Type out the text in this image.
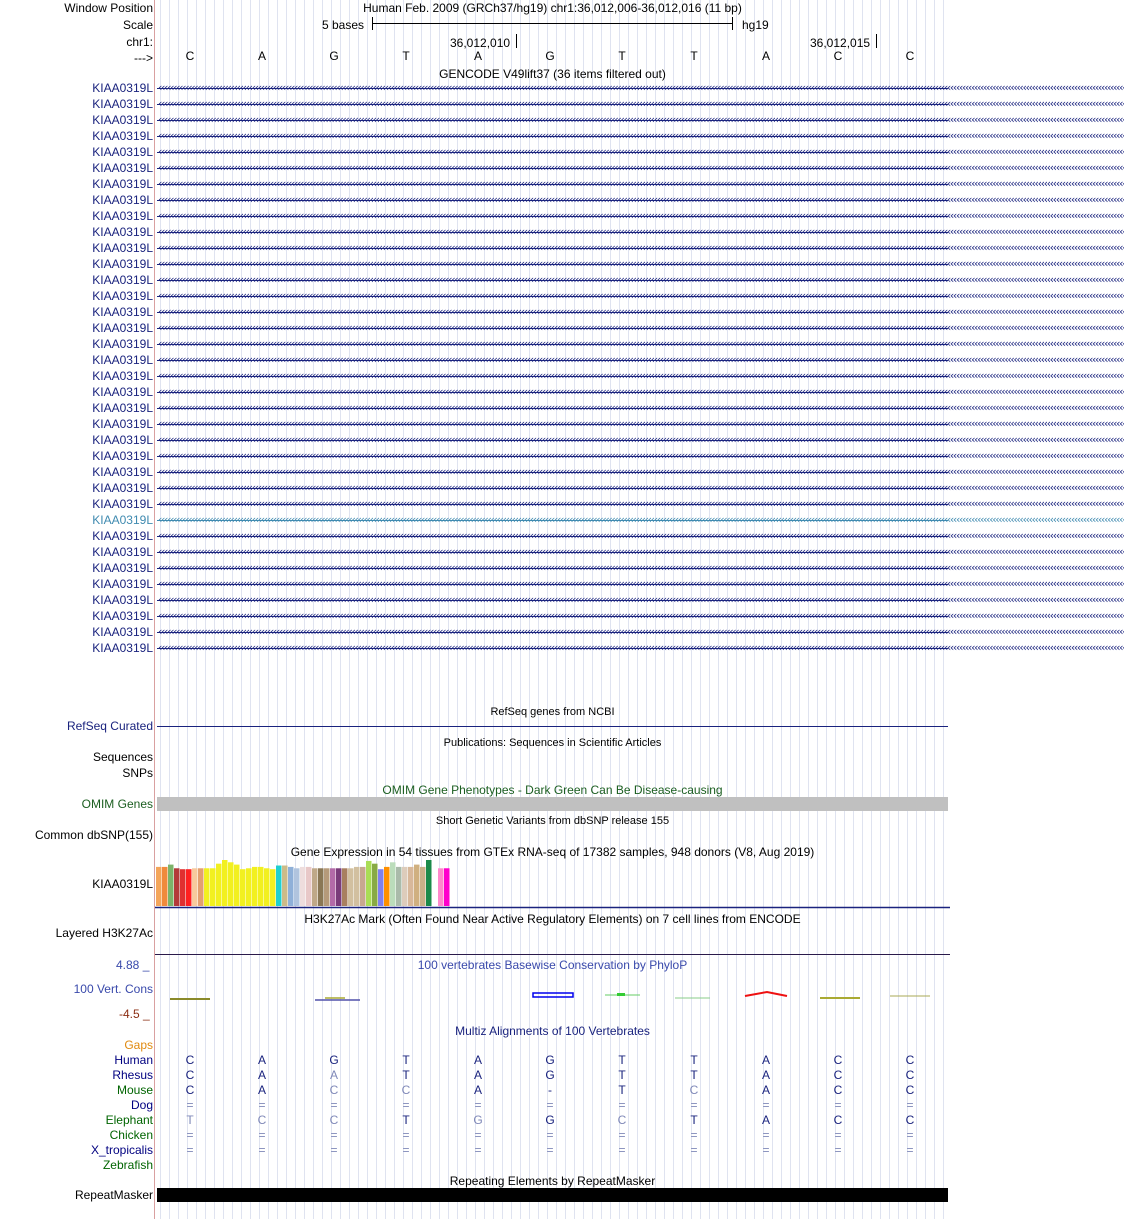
Window Position	Human Feb. 2009 (GRCh37/hg19) chr1:36,012,006-36,012,016 (11 bp)
Scale	5 bases	hg19
chr1:	36,012,010	36,012,015
--->	C	A	G	T	A	G	T	T	A	C	C
GENCODE V49lift37 (36 items filtered out)
KIAA0319L ‹‹‹‹‹‹‹‹‹‹‹‹‹‹‹‹‹‹‹‹‹‹‹‹‹‹‹‹‹‹‹‹‹‹‹‹‹‹‹‹‹‹‹‹‹‹‹‹‹‹‹‹‹‹‹‹‹‹‹‹‹‹‹‹‹‹‹‹‹‹‹‹‹‹‹‹‹‹‹‹‹‹‹‹‹‹‹‹‹‹‹‹‹‹‹‹‹‹‹‹‹‹‹‹‹‹‹‹‹‹‹‹‹‹‹‹‹‹‹‹‹‹‹‹‹‹‹‹‹‹‹‹‹‹‹‹‹‹‹‹‹‹‹‹‹‹‹‹‹‹‹‹‹‹‹‹‹‹‹‹‹‹‹‹‹‹‹‹‹‹‹‹‹‹‹‹‹‹‹‹‹‹‹‹‹‹‹‹‹‹‹‹‹‹‹‹‹‹‹‹‹‹‹‹‹‹‹‹‹‹‹‹‹‹‹‹‹‹‹‹‹‹‹‹‹‹‹‹‹‹‹‹‹‹‹‹‹‹‹‹‹‹‹‹‹‹‹‹‹‹‹‹‹‹‹‹‹‹‹‹‹‹‹‹‹‹‹‹‹‹‹‹‹‹‹‹‹‹‹‹‹‹‹‹‹‹‹‹‹‹‹‹‹‹‹‹‹‹‹‹‹‹‹‹‹‹‹‹‹‹‹‹‹‹‹‹‹‹‹‹
KIAA0319L ‹‹‹‹‹‹‹‹‹‹‹‹‹‹‹‹‹‹‹‹‹‹‹‹‹‹‹‹‹‹‹‹‹‹‹‹‹‹‹‹‹‹‹‹‹‹‹‹‹‹‹‹‹‹‹‹‹‹‹‹‹‹‹‹‹‹‹‹‹‹‹‹‹‹‹‹‹‹‹‹‹‹‹‹‹‹‹‹‹‹‹‹‹‹‹‹‹‹‹‹‹‹‹‹‹‹‹‹‹‹‹‹‹‹‹‹‹‹‹‹‹‹‹‹‹‹‹‹‹‹‹‹‹‹‹‹‹‹‹‹‹‹‹‹‹‹‹‹‹‹‹‹‹‹‹‹‹‹‹‹‹‹‹‹‹‹‹‹‹‹‹‹‹‹‹‹‹‹‹‹‹‹‹‹‹‹‹‹‹‹‹‹‹‹‹‹‹‹‹‹‹‹‹‹‹‹‹‹‹‹‹‹‹‹‹‹‹‹‹‹‹‹‹‹‹‹‹‹‹‹‹‹‹‹‹‹‹‹‹‹‹‹‹‹‹‹‹‹‹‹‹‹‹‹‹‹‹‹‹‹‹‹‹‹‹‹‹‹‹‹‹‹‹‹‹‹‹‹‹‹‹‹‹‹‹‹‹‹‹‹‹‹‹‹‹‹‹‹‹‹‹‹‹‹‹‹‹‹‹‹‹‹‹‹‹‹‹‹‹‹
KIAA0319L ‹‹‹‹‹‹‹‹‹‹‹‹‹‹‹‹‹‹‹‹‹‹‹‹‹‹‹‹‹‹‹‹‹‹‹‹‹‹‹‹‹‹‹‹‹‹‹‹‹‹‹‹‹‹‹‹‹‹‹‹‹‹‹‹‹‹‹‹‹‹‹‹‹‹‹‹‹‹‹‹‹‹‹‹‹‹‹‹‹‹‹‹‹‹‹‹‹‹‹‹‹‹‹‹‹‹‹‹‹‹‹‹‹‹‹‹‹‹‹‹‹‹‹‹‹‹‹‹‹‹‹‹‹‹‹‹‹‹‹‹‹‹‹‹‹‹‹‹‹‹‹‹‹‹‹‹‹‹‹‹‹‹‹‹‹‹‹‹‹‹‹‹‹‹‹‹‹‹‹‹‹‹‹‹‹‹‹‹‹‹‹‹‹‹‹‹‹‹‹‹‹‹‹‹‹‹‹‹‹‹‹‹‹‹‹‹‹‹‹‹‹‹‹‹‹‹‹‹‹‹‹‹‹‹‹‹‹‹‹‹‹‹‹‹‹‹‹‹‹‹‹‹‹‹‹‹‹‹‹‹‹‹‹‹‹‹‹‹‹‹‹‹‹‹‹‹‹‹‹‹‹‹‹‹‹‹‹‹‹‹‹‹‹‹‹‹‹‹‹‹‹‹‹‹‹‹‹‹‹‹‹‹‹‹‹‹‹‹‹‹
KIAA0319L ‹‹‹‹‹‹‹‹‹‹‹‹‹‹‹‹‹‹‹‹‹‹‹‹‹‹‹‹‹‹‹‹‹‹‹‹‹‹‹‹‹‹‹‹‹‹‹‹‹‹‹‹‹‹‹‹‹‹‹‹‹‹‹‹‹‹‹‹‹‹‹‹‹‹‹‹‹‹‹‹‹‹‹‹‹‹‹‹‹‹‹‹‹‹‹‹‹‹‹‹‹‹‹‹‹‹‹‹‹‹‹‹‹‹‹‹‹‹‹‹‹‹‹‹‹‹‹‹‹‹‹‹‹‹‹‹‹‹‹‹‹‹‹‹‹‹‹‹‹‹‹‹‹‹‹‹‹‹‹‹‹‹‹‹‹‹‹‹‹‹‹‹‹‹‹‹‹‹‹‹‹‹‹‹‹‹‹‹‹‹‹‹‹‹‹‹‹‹‹‹‹‹‹‹‹‹‹‹‹‹‹‹‹‹‹‹‹‹‹‹‹‹‹‹‹‹‹‹‹‹‹‹‹‹‹‹‹‹‹‹‹‹‹‹‹‹‹‹‹‹‹‹‹‹‹‹‹‹‹‹‹‹‹‹‹‹‹‹‹‹‹‹‹‹‹‹‹‹‹‹‹‹‹‹‹‹‹‹‹‹‹‹‹‹‹‹‹‹‹‹‹‹‹‹‹‹‹‹‹‹‹‹‹‹‹‹‹‹‹‹
KIAA0319L ‹‹‹‹‹‹‹‹‹‹‹‹‹‹‹‹‹‹‹‹‹‹‹‹‹‹‹‹‹‹‹‹‹‹‹‹‹‹‹‹‹‹‹‹‹‹‹‹‹‹‹‹‹‹‹‹‹‹‹‹‹‹‹‹‹‹‹‹‹‹‹‹‹‹‹‹‹‹‹‹‹‹‹‹‹‹‹‹‹‹‹‹‹‹‹‹‹‹‹‹‹‹‹‹‹‹‹‹‹‹‹‹‹‹‹‹‹‹‹‹‹‹‹‹‹‹‹‹‹‹‹‹‹‹‹‹‹‹‹‹‹‹‹‹‹‹‹‹‹‹‹‹‹‹‹‹‹‹‹‹‹‹‹‹‹‹‹‹‹‹‹‹‹‹‹‹‹‹‹‹‹‹‹‹‹‹‹‹‹‹‹‹‹‹‹‹‹‹‹‹‹‹‹‹‹‹‹‹‹‹‹‹‹‹‹‹‹‹‹‹‹‹‹‹‹‹‹‹‹‹‹‹‹‹‹‹‹‹‹‹‹‹‹‹‹‹‹‹‹‹‹‹‹‹‹‹‹‹‹‹‹‹‹‹‹‹‹‹‹‹‹‹‹‹‹‹‹‹‹‹‹‹‹‹‹‹‹‹‹‹‹‹‹‹‹‹‹‹‹‹‹‹‹‹‹‹‹‹‹‹‹‹‹‹‹‹‹‹‹‹
KIAA0319L ‹‹‹‹‹‹‹‹‹‹‹‹‹‹‹‹‹‹‹‹‹‹‹‹‹‹‹‹‹‹‹‹‹‹‹‹‹‹‹‹‹‹‹‹‹‹‹‹‹‹‹‹‹‹‹‹‹‹‹‹‹‹‹‹‹‹‹‹‹‹‹‹‹‹‹‹‹‹‹‹‹‹‹‹‹‹‹‹‹‹‹‹‹‹‹‹‹‹‹‹‹‹‹‹‹‹‹‹‹‹‹‹‹‹‹‹‹‹‹‹‹‹‹‹‹‹‹‹‹‹‹‹‹‹‹‹‹‹‹‹‹‹‹‹‹‹‹‹‹‹‹‹‹‹‹‹‹‹‹‹‹‹‹‹‹‹‹‹‹‹‹‹‹‹‹‹‹‹‹‹‹‹‹‹‹‹‹‹‹‹‹‹‹‹‹‹‹‹‹‹‹‹‹‹‹‹‹‹‹‹‹‹‹‹‹‹‹‹‹‹‹‹‹‹‹‹‹‹‹‹‹‹‹‹‹‹‹‹‹‹‹‹‹‹‹‹‹‹‹‹‹‹‹‹‹‹‹‹‹‹‹‹‹‹‹‹‹‹‹‹‹‹‹‹‹‹‹‹‹‹‹‹‹‹‹‹‹‹‹‹‹‹‹‹‹‹‹‹‹‹‹‹‹‹‹‹‹‹‹‹‹‹‹‹‹‹‹‹‹‹
KIAA0319L ‹‹‹‹‹‹‹‹‹‹‹‹‹‹‹‹‹‹‹‹‹‹‹‹‹‹‹‹‹‹‹‹‹‹‹‹‹‹‹‹‹‹‹‹‹‹‹‹‹‹‹‹‹‹‹‹‹‹‹‹‹‹‹‹‹‹‹‹‹‹‹‹‹‹‹‹‹‹‹‹‹‹‹‹‹‹‹‹‹‹‹‹‹‹‹‹‹‹‹‹‹‹‹‹‹‹‹‹‹‹‹‹‹‹‹‹‹‹‹‹‹‹‹‹‹‹‹‹‹‹‹‹‹‹‹‹‹‹‹‹‹‹‹‹‹‹‹‹‹‹‹‹‹‹‹‹‹‹‹‹‹‹‹‹‹‹‹‹‹‹‹‹‹‹‹‹‹‹‹‹‹‹‹‹‹‹‹‹‹‹‹‹‹‹‹‹‹‹‹‹‹‹‹‹‹‹‹‹‹‹‹‹‹‹‹‹‹‹‹‹‹‹‹‹‹‹‹‹‹‹‹‹‹‹‹‹‹‹‹‹‹‹‹‹‹‹‹‹‹‹‹‹‹‹‹‹‹‹‹‹‹‹‹‹‹‹‹‹‹‹‹‹‹‹‹‹‹‹‹‹‹‹‹‹‹‹‹‹‹‹‹‹‹‹‹‹‹‹‹‹‹‹‹‹‹‹‹‹‹‹‹‹‹‹‹‹‹‹‹‹
KIAA0319L ‹‹‹‹‹‹‹‹‹‹‹‹‹‹‹‹‹‹‹‹‹‹‹‹‹‹‹‹‹‹‹‹‹‹‹‹‹‹‹‹‹‹‹‹‹‹‹‹‹‹‹‹‹‹‹‹‹‹‹‹‹‹‹‹‹‹‹‹‹‹‹‹‹‹‹‹‹‹‹‹‹‹‹‹‹‹‹‹‹‹‹‹‹‹‹‹‹‹‹‹‹‹‹‹‹‹‹‹‹‹‹‹‹‹‹‹‹‹‹‹‹‹‹‹‹‹‹‹‹‹‹‹‹‹‹‹‹‹‹‹‹‹‹‹‹‹‹‹‹‹‹‹‹‹‹‹‹‹‹‹‹‹‹‹‹‹‹‹‹‹‹‹‹‹‹‹‹‹‹‹‹‹‹‹‹‹‹‹‹‹‹‹‹‹‹‹‹‹‹‹‹‹‹‹‹‹‹‹‹‹‹‹‹‹‹‹‹‹‹‹‹‹‹‹‹‹‹‹‹‹‹‹‹‹‹‹‹‹‹‹‹‹‹‹‹‹‹‹‹‹‹‹‹‹‹‹‹‹‹‹‹‹‹‹‹‹‹‹‹‹‹‹‹‹‹‹‹‹‹‹‹‹‹‹‹‹‹‹‹‹‹‹‹‹‹‹‹‹‹‹‹‹‹‹‹‹‹‹‹‹‹‹‹‹‹‹‹‹‹‹
KIAA0319L ‹‹‹‹‹‹‹‹‹‹‹‹‹‹‹‹‹‹‹‹‹‹‹‹‹‹‹‹‹‹‹‹‹‹‹‹‹‹‹‹‹‹‹‹‹‹‹‹‹‹‹‹‹‹‹‹‹‹‹‹‹‹‹‹‹‹‹‹‹‹‹‹‹‹‹‹‹‹‹‹‹‹‹‹‹‹‹‹‹‹‹‹‹‹‹‹‹‹‹‹‹‹‹‹‹‹‹‹‹‹‹‹‹‹‹‹‹‹‹‹‹‹‹‹‹‹‹‹‹‹‹‹‹‹‹‹‹‹‹‹‹‹‹‹‹‹‹‹‹‹‹‹‹‹‹‹‹‹‹‹‹‹‹‹‹‹‹‹‹‹‹‹‹‹‹‹‹‹‹‹‹‹‹‹‹‹‹‹‹‹‹‹‹‹‹‹‹‹‹‹‹‹‹‹‹‹‹‹‹‹‹‹‹‹‹‹‹‹‹‹‹‹‹‹‹‹‹‹‹‹‹‹‹‹‹‹‹‹‹‹‹‹‹‹‹‹‹‹‹‹‹‹‹‹‹‹‹‹‹‹‹‹‹‹‹‹‹‹‹‹‹‹‹‹‹‹‹‹‹‹‹‹‹‹‹‹‹‹‹‹‹‹‹‹‹‹‹‹‹‹‹‹‹‹‹‹‹‹‹‹‹‹‹‹‹‹‹‹‹‹
KIAA0319L ‹‹‹‹‹‹‹‹‹‹‹‹‹‹‹‹‹‹‹‹‹‹‹‹‹‹‹‹‹‹‹‹‹‹‹‹‹‹‹‹‹‹‹‹‹‹‹‹‹‹‹‹‹‹‹‹‹‹‹‹‹‹‹‹‹‹‹‹‹‹‹‹‹‹‹‹‹‹‹‹‹‹‹‹‹‹‹‹‹‹‹‹‹‹‹‹‹‹‹‹‹‹‹‹‹‹‹‹‹‹‹‹‹‹‹‹‹‹‹‹‹‹‹‹‹‹‹‹‹‹‹‹‹‹‹‹‹‹‹‹‹‹‹‹‹‹‹‹‹‹‹‹‹‹‹‹‹‹‹‹‹‹‹‹‹‹‹‹‹‹‹‹‹‹‹‹‹‹‹‹‹‹‹‹‹‹‹‹‹‹‹‹‹‹‹‹‹‹‹‹‹‹‹‹‹‹‹‹‹‹‹‹‹‹‹‹‹‹‹‹‹‹‹‹‹‹‹‹‹‹‹‹‹‹‹‹‹‹‹‹‹‹‹‹‹‹‹‹‹‹‹‹‹‹‹‹‹‹‹‹‹‹‹‹‹‹‹‹‹‹‹‹‹‹‹‹‹‹‹‹‹‹‹‹‹‹‹‹‹‹‹‹‹‹‹‹‹‹‹‹‹‹‹‹‹‹‹‹‹‹‹‹‹‹‹‹‹‹‹‹
KIAA0319L ‹‹‹‹‹‹‹‹‹‹‹‹‹‹‹‹‹‹‹‹‹‹‹‹‹‹‹‹‹‹‹‹‹‹‹‹‹‹‹‹‹‹‹‹‹‹‹‹‹‹‹‹‹‹‹‹‹‹‹‹‹‹‹‹‹‹‹‹‹‹‹‹‹‹‹‹‹‹‹‹‹‹‹‹‹‹‹‹‹‹‹‹‹‹‹‹‹‹‹‹‹‹‹‹‹‹‹‹‹‹‹‹‹‹‹‹‹‹‹‹‹‹‹‹‹‹‹‹‹‹‹‹‹‹‹‹‹‹‹‹‹‹‹‹‹‹‹‹‹‹‹‹‹‹‹‹‹‹‹‹‹‹‹‹‹‹‹‹‹‹‹‹‹‹‹‹‹‹‹‹‹‹‹‹‹‹‹‹‹‹‹‹‹‹‹‹‹‹‹‹‹‹‹‹‹‹‹‹‹‹‹‹‹‹‹‹‹‹‹‹‹‹‹‹‹‹‹‹‹‹‹‹‹‹‹‹‹‹‹‹‹‹‹‹‹‹‹‹‹‹‹‹‹‹‹‹‹‹‹‹‹‹‹‹‹‹‹‹‹‹‹‹‹‹‹‹‹‹‹‹‹‹‹‹‹‹‹‹‹‹‹‹‹‹‹‹‹‹‹‹‹‹‹‹‹‹‹‹‹‹‹‹‹‹‹‹‹‹‹‹
KIAA0319L ‹‹‹‹‹‹‹‹‹‹‹‹‹‹‹‹‹‹‹‹‹‹‹‹‹‹‹‹‹‹‹‹‹‹‹‹‹‹‹‹‹‹‹‹‹‹‹‹‹‹‹‹‹‹‹‹‹‹‹‹‹‹‹‹‹‹‹‹‹‹‹‹‹‹‹‹‹‹‹‹‹‹‹‹‹‹‹‹‹‹‹‹‹‹‹‹‹‹‹‹‹‹‹‹‹‹‹‹‹‹‹‹‹‹‹‹‹‹‹‹‹‹‹‹‹‹‹‹‹‹‹‹‹‹‹‹‹‹‹‹‹‹‹‹‹‹‹‹‹‹‹‹‹‹‹‹‹‹‹‹‹‹‹‹‹‹‹‹‹‹‹‹‹‹‹‹‹‹‹‹‹‹‹‹‹‹‹‹‹‹‹‹‹‹‹‹‹‹‹‹‹‹‹‹‹‹‹‹‹‹‹‹‹‹‹‹‹‹‹‹‹‹‹‹‹‹‹‹‹‹‹‹‹‹‹‹‹‹‹‹‹‹‹‹‹‹‹‹‹‹‹‹‹‹‹‹‹‹‹‹‹‹‹‹‹‹‹‹‹‹‹‹‹‹‹‹‹‹‹‹‹‹‹‹‹‹‹‹‹‹‹‹‹‹‹‹‹‹‹‹‹‹‹‹‹‹‹‹‹‹‹‹‹‹‹‹‹‹‹‹
KIAA0319L ‹‹‹‹‹‹‹‹‹‹‹‹‹‹‹‹‹‹‹‹‹‹‹‹‹‹‹‹‹‹‹‹‹‹‹‹‹‹‹‹‹‹‹‹‹‹‹‹‹‹‹‹‹‹‹‹‹‹‹‹‹‹‹‹‹‹‹‹‹‹‹‹‹‹‹‹‹‹‹‹‹‹‹‹‹‹‹‹‹‹‹‹‹‹‹‹‹‹‹‹‹‹‹‹‹‹‹‹‹‹‹‹‹‹‹‹‹‹‹‹‹‹‹‹‹‹‹‹‹‹‹‹‹‹‹‹‹‹‹‹‹‹‹‹‹‹‹‹‹‹‹‹‹‹‹‹‹‹‹‹‹‹‹‹‹‹‹‹‹‹‹‹‹‹‹‹‹‹‹‹‹‹‹‹‹‹‹‹‹‹‹‹‹‹‹‹‹‹‹‹‹‹‹‹‹‹‹‹‹‹‹‹‹‹‹‹‹‹‹‹‹‹‹‹‹‹‹‹‹‹‹‹‹‹‹‹‹‹‹‹‹‹‹‹‹‹‹‹‹‹‹‹‹‹‹‹‹‹‹‹‹‹‹‹‹‹‹‹‹‹‹‹‹‹‹‹‹‹‹‹‹‹‹‹‹‹‹‹‹‹‹‹‹‹‹‹‹‹‹‹‹‹‹‹‹‹‹‹‹‹‹‹‹‹‹‹‹‹‹‹
KIAA0319L ‹‹‹‹‹‹‹‹‹‹‹‹‹‹‹‹‹‹‹‹‹‹‹‹‹‹‹‹‹‹‹‹‹‹‹‹‹‹‹‹‹‹‹‹‹‹‹‹‹‹‹‹‹‹‹‹‹‹‹‹‹‹‹‹‹‹‹‹‹‹‹‹‹‹‹‹‹‹‹‹‹‹‹‹‹‹‹‹‹‹‹‹‹‹‹‹‹‹‹‹‹‹‹‹‹‹‹‹‹‹‹‹‹‹‹‹‹‹‹‹‹‹‹‹‹‹‹‹‹‹‹‹‹‹‹‹‹‹‹‹‹‹‹‹‹‹‹‹‹‹‹‹‹‹‹‹‹‹‹‹‹‹‹‹‹‹‹‹‹‹‹‹‹‹‹‹‹‹‹‹‹‹‹‹‹‹‹‹‹‹‹‹‹‹‹‹‹‹‹‹‹‹‹‹‹‹‹‹‹‹‹‹‹‹‹‹‹‹‹‹‹‹‹‹‹‹‹‹‹‹‹‹‹‹‹‹‹‹‹‹‹‹‹‹‹‹‹‹‹‹‹‹‹‹‹‹‹‹‹‹‹‹‹‹‹‹‹‹‹‹‹‹‹‹‹‹‹‹‹‹‹‹‹‹‹‹‹‹‹‹‹‹‹‹‹‹‹‹‹‹‹‹‹‹‹‹‹‹‹‹‹‹‹‹‹‹‹‹‹‹
KIAA0319L ‹‹‹‹‹‹‹‹‹‹‹‹‹‹‹‹‹‹‹‹‹‹‹‹‹‹‹‹‹‹‹‹‹‹‹‹‹‹‹‹‹‹‹‹‹‹‹‹‹‹‹‹‹‹‹‹‹‹‹‹‹‹‹‹‹‹‹‹‹‹‹‹‹‹‹‹‹‹‹‹‹‹‹‹‹‹‹‹‹‹‹‹‹‹‹‹‹‹‹‹‹‹‹‹‹‹‹‹‹‹‹‹‹‹‹‹‹‹‹‹‹‹‹‹‹‹‹‹‹‹‹‹‹‹‹‹‹‹‹‹‹‹‹‹‹‹‹‹‹‹‹‹‹‹‹‹‹‹‹‹‹‹‹‹‹‹‹‹‹‹‹‹‹‹‹‹‹‹‹‹‹‹‹‹‹‹‹‹‹‹‹‹‹‹‹‹‹‹‹‹‹‹‹‹‹‹‹‹‹‹‹‹‹‹‹‹‹‹‹‹‹‹‹‹‹‹‹‹‹‹‹‹‹‹‹‹‹‹‹‹‹‹‹‹‹‹‹‹‹‹‹‹‹‹‹‹‹‹‹‹‹‹‹‹‹‹‹‹‹‹‹‹‹‹‹‹‹‹‹‹‹‹‹‹‹‹‹‹‹‹‹‹‹‹‹‹‹‹‹‹‹‹‹‹‹‹‹‹‹‹‹‹‹‹‹‹‹‹‹‹
KIAA0319L ‹‹‹‹‹‹‹‹‹‹‹‹‹‹‹‹‹‹‹‹‹‹‹‹‹‹‹‹‹‹‹‹‹‹‹‹‹‹‹‹‹‹‹‹‹‹‹‹‹‹‹‹‹‹‹‹‹‹‹‹‹‹‹‹‹‹‹‹‹‹‹‹‹‹‹‹‹‹‹‹‹‹‹‹‹‹‹‹‹‹‹‹‹‹‹‹‹‹‹‹‹‹‹‹‹‹‹‹‹‹‹‹‹‹‹‹‹‹‹‹‹‹‹‹‹‹‹‹‹‹‹‹‹‹‹‹‹‹‹‹‹‹‹‹‹‹‹‹‹‹‹‹‹‹‹‹‹‹‹‹‹‹‹‹‹‹‹‹‹‹‹‹‹‹‹‹‹‹‹‹‹‹‹‹‹‹‹‹‹‹‹‹‹‹‹‹‹‹‹‹‹‹‹‹‹‹‹‹‹‹‹‹‹‹‹‹‹‹‹‹‹‹‹‹‹‹‹‹‹‹‹‹‹‹‹‹‹‹‹‹‹‹‹‹‹‹‹‹‹‹‹‹‹‹‹‹‹‹‹‹‹‹‹‹‹‹‹‹‹‹‹‹‹‹‹‹‹‹‹‹‹‹‹‹‹‹‹‹‹‹‹‹‹‹‹‹‹‹‹‹‹‹‹‹‹‹‹‹‹‹‹‹‹‹‹‹‹‹‹‹
KIAA0319L ‹‹‹‹‹‹‹‹‹‹‹‹‹‹‹‹‹‹‹‹‹‹‹‹‹‹‹‹‹‹‹‹‹‹‹‹‹‹‹‹‹‹‹‹‹‹‹‹‹‹‹‹‹‹‹‹‹‹‹‹‹‹‹‹‹‹‹‹‹‹‹‹‹‹‹‹‹‹‹‹‹‹‹‹‹‹‹‹‹‹‹‹‹‹‹‹‹‹‹‹‹‹‹‹‹‹‹‹‹‹‹‹‹‹‹‹‹‹‹‹‹‹‹‹‹‹‹‹‹‹‹‹‹‹‹‹‹‹‹‹‹‹‹‹‹‹‹‹‹‹‹‹‹‹‹‹‹‹‹‹‹‹‹‹‹‹‹‹‹‹‹‹‹‹‹‹‹‹‹‹‹‹‹‹‹‹‹‹‹‹‹‹‹‹‹‹‹‹‹‹‹‹‹‹‹‹‹‹‹‹‹‹‹‹‹‹‹‹‹‹‹‹‹‹‹‹‹‹‹‹‹‹‹‹‹‹‹‹‹‹‹‹‹‹‹‹‹‹‹‹‹‹‹‹‹‹‹‹‹‹‹‹‹‹‹‹‹‹‹‹‹‹‹‹‹‹‹‹‹‹‹‹‹‹‹‹‹‹‹‹‹‹‹‹‹‹‹‹‹‹‹‹‹‹‹‹‹‹‹‹‹‹‹‹‹‹‹‹‹‹
KIAA0319L ‹‹‹‹‹‹‹‹‹‹‹‹‹‹‹‹‹‹‹‹‹‹‹‹‹‹‹‹‹‹‹‹‹‹‹‹‹‹‹‹‹‹‹‹‹‹‹‹‹‹‹‹‹‹‹‹‹‹‹‹‹‹‹‹‹‹‹‹‹‹‹‹‹‹‹‹‹‹‹‹‹‹‹‹‹‹‹‹‹‹‹‹‹‹‹‹‹‹‹‹‹‹‹‹‹‹‹‹‹‹‹‹‹‹‹‹‹‹‹‹‹‹‹‹‹‹‹‹‹‹‹‹‹‹‹‹‹‹‹‹‹‹‹‹‹‹‹‹‹‹‹‹‹‹‹‹‹‹‹‹‹‹‹‹‹‹‹‹‹‹‹‹‹‹‹‹‹‹‹‹‹‹‹‹‹‹‹‹‹‹‹‹‹‹‹‹‹‹‹‹‹‹‹‹‹‹‹‹‹‹‹‹‹‹‹‹‹‹‹‹‹‹‹‹‹‹‹‹‹‹‹‹‹‹‹‹‹‹‹‹‹‹‹‹‹‹‹‹‹‹‹‹‹‹‹‹‹‹‹‹‹‹‹‹‹‹‹‹‹‹‹‹‹‹‹‹‹‹‹‹‹‹‹‹‹‹‹‹‹‹‹‹‹‹‹‹‹‹‹‹‹‹‹‹‹‹‹‹‹‹‹‹‹‹‹‹‹‹‹‹
KIAA0319L ‹‹‹‹‹‹‹‹‹‹‹‹‹‹‹‹‹‹‹‹‹‹‹‹‹‹‹‹‹‹‹‹‹‹‹‹‹‹‹‹‹‹‹‹‹‹‹‹‹‹‹‹‹‹‹‹‹‹‹‹‹‹‹‹‹‹‹‹‹‹‹‹‹‹‹‹‹‹‹‹‹‹‹‹‹‹‹‹‹‹‹‹‹‹‹‹‹‹‹‹‹‹‹‹‹‹‹‹‹‹‹‹‹‹‹‹‹‹‹‹‹‹‹‹‹‹‹‹‹‹‹‹‹‹‹‹‹‹‹‹‹‹‹‹‹‹‹‹‹‹‹‹‹‹‹‹‹‹‹‹‹‹‹‹‹‹‹‹‹‹‹‹‹‹‹‹‹‹‹‹‹‹‹‹‹‹‹‹‹‹‹‹‹‹‹‹‹‹‹‹‹‹‹‹‹‹‹‹‹‹‹‹‹‹‹‹‹‹‹‹‹‹‹‹‹‹‹‹‹‹‹‹‹‹‹‹‹‹‹‹‹‹‹‹‹‹‹‹‹‹‹‹‹‹‹‹‹‹‹‹‹‹‹‹‹‹‹‹‹‹‹‹‹‹‹‹‹‹‹‹‹‹‹‹‹‹‹‹‹‹‹‹‹‹‹‹‹‹‹‹‹‹‹‹‹‹‹‹‹‹‹‹‹‹‹‹‹‹‹‹
KIAA0319L ‹‹‹‹‹‹‹‹‹‹‹‹‹‹‹‹‹‹‹‹‹‹‹‹‹‹‹‹‹‹‹‹‹‹‹‹‹‹‹‹‹‹‹‹‹‹‹‹‹‹‹‹‹‹‹‹‹‹‹‹‹‹‹‹‹‹‹‹‹‹‹‹‹‹‹‹‹‹‹‹‹‹‹‹‹‹‹‹‹‹‹‹‹‹‹‹‹‹‹‹‹‹‹‹‹‹‹‹‹‹‹‹‹‹‹‹‹‹‹‹‹‹‹‹‹‹‹‹‹‹‹‹‹‹‹‹‹‹‹‹‹‹‹‹‹‹‹‹‹‹‹‹‹‹‹‹‹‹‹‹‹‹‹‹‹‹‹‹‹‹‹‹‹‹‹‹‹‹‹‹‹‹‹‹‹‹‹‹‹‹‹‹‹‹‹‹‹‹‹‹‹‹‹‹‹‹‹‹‹‹‹‹‹‹‹‹‹‹‹‹‹‹‹‹‹‹‹‹‹‹‹‹‹‹‹‹‹‹‹‹‹‹‹‹‹‹‹‹‹‹‹‹‹‹‹‹‹‹‹‹‹‹‹‹‹‹‹‹‹‹‹‹‹‹‹‹‹‹‹‹‹‹‹‹‹‹‹‹‹‹‹‹‹‹‹‹‹‹‹‹‹‹‹‹‹‹‹‹‹‹‹‹‹‹‹‹‹‹‹‹
KIAA0319L ‹‹‹‹‹‹‹‹‹‹‹‹‹‹‹‹‹‹‹‹‹‹‹‹‹‹‹‹‹‹‹‹‹‹‹‹‹‹‹‹‹‹‹‹‹‹‹‹‹‹‹‹‹‹‹‹‹‹‹‹‹‹‹‹‹‹‹‹‹‹‹‹‹‹‹‹‹‹‹‹‹‹‹‹‹‹‹‹‹‹‹‹‹‹‹‹‹‹‹‹‹‹‹‹‹‹‹‹‹‹‹‹‹‹‹‹‹‹‹‹‹‹‹‹‹‹‹‹‹‹‹‹‹‹‹‹‹‹‹‹‹‹‹‹‹‹‹‹‹‹‹‹‹‹‹‹‹‹‹‹‹‹‹‹‹‹‹‹‹‹‹‹‹‹‹‹‹‹‹‹‹‹‹‹‹‹‹‹‹‹‹‹‹‹‹‹‹‹‹‹‹‹‹‹‹‹‹‹‹‹‹‹‹‹‹‹‹‹‹‹‹‹‹‹‹‹‹‹‹‹‹‹‹‹‹‹‹‹‹‹‹‹‹‹‹‹‹‹‹‹‹‹‹‹‹‹‹‹‹‹‹‹‹‹‹‹‹‹‹‹‹‹‹‹‹‹‹‹‹‹‹‹‹‹‹‹‹‹‹‹‹‹‹‹‹‹‹‹‹‹‹‹‹‹‹‹‹‹‹‹‹‹‹‹‹‹‹‹‹‹
KIAA0319L ‹‹‹‹‹‹‹‹‹‹‹‹‹‹‹‹‹‹‹‹‹‹‹‹‹‹‹‹‹‹‹‹‹‹‹‹‹‹‹‹‹‹‹‹‹‹‹‹‹‹‹‹‹‹‹‹‹‹‹‹‹‹‹‹‹‹‹‹‹‹‹‹‹‹‹‹‹‹‹‹‹‹‹‹‹‹‹‹‹‹‹‹‹‹‹‹‹‹‹‹‹‹‹‹‹‹‹‹‹‹‹‹‹‹‹‹‹‹‹‹‹‹‹‹‹‹‹‹‹‹‹‹‹‹‹‹‹‹‹‹‹‹‹‹‹‹‹‹‹‹‹‹‹‹‹‹‹‹‹‹‹‹‹‹‹‹‹‹‹‹‹‹‹‹‹‹‹‹‹‹‹‹‹‹‹‹‹‹‹‹‹‹‹‹‹‹‹‹‹‹‹‹‹‹‹‹‹‹‹‹‹‹‹‹‹‹‹‹‹‹‹‹‹‹‹‹‹‹‹‹‹‹‹‹‹‹‹‹‹‹‹‹‹‹‹‹‹‹‹‹‹‹‹‹‹‹‹‹‹‹‹‹‹‹‹‹‹‹‹‹‹‹‹‹‹‹‹‹‹‹‹‹‹‹‹‹‹‹‹‹‹‹‹‹‹‹‹‹‹‹‹‹‹‹‹‹‹‹‹‹‹‹‹‹‹‹‹‹‹‹
KIAA0319L ‹‹‹‹‹‹‹‹‹‹‹‹‹‹‹‹‹‹‹‹‹‹‹‹‹‹‹‹‹‹‹‹‹‹‹‹‹‹‹‹‹‹‹‹‹‹‹‹‹‹‹‹‹‹‹‹‹‹‹‹‹‹‹‹‹‹‹‹‹‹‹‹‹‹‹‹‹‹‹‹‹‹‹‹‹‹‹‹‹‹‹‹‹‹‹‹‹‹‹‹‹‹‹‹‹‹‹‹‹‹‹‹‹‹‹‹‹‹‹‹‹‹‹‹‹‹‹‹‹‹‹‹‹‹‹‹‹‹‹‹‹‹‹‹‹‹‹‹‹‹‹‹‹‹‹‹‹‹‹‹‹‹‹‹‹‹‹‹‹‹‹‹‹‹‹‹‹‹‹‹‹‹‹‹‹‹‹‹‹‹‹‹‹‹‹‹‹‹‹‹‹‹‹‹‹‹‹‹‹‹‹‹‹‹‹‹‹‹‹‹‹‹‹‹‹‹‹‹‹‹‹‹‹‹‹‹‹‹‹‹‹‹‹‹‹‹‹‹‹‹‹‹‹‹‹‹‹‹‹‹‹‹‹‹‹‹‹‹‹‹‹‹‹‹‹‹‹‹‹‹‹‹‹‹‹‹‹‹‹‹‹‹‹‹‹‹‹‹‹‹‹‹‹‹‹‹‹‹‹‹‹‹‹‹‹‹‹‹‹‹
KIAA0319L ‹‹‹‹‹‹‹‹‹‹‹‹‹‹‹‹‹‹‹‹‹‹‹‹‹‹‹‹‹‹‹‹‹‹‹‹‹‹‹‹‹‹‹‹‹‹‹‹‹‹‹‹‹‹‹‹‹‹‹‹‹‹‹‹‹‹‹‹‹‹‹‹‹‹‹‹‹‹‹‹‹‹‹‹‹‹‹‹‹‹‹‹‹‹‹‹‹‹‹‹‹‹‹‹‹‹‹‹‹‹‹‹‹‹‹‹‹‹‹‹‹‹‹‹‹‹‹‹‹‹‹‹‹‹‹‹‹‹‹‹‹‹‹‹‹‹‹‹‹‹‹‹‹‹‹‹‹‹‹‹‹‹‹‹‹‹‹‹‹‹‹‹‹‹‹‹‹‹‹‹‹‹‹‹‹‹‹‹‹‹‹‹‹‹‹‹‹‹‹‹‹‹‹‹‹‹‹‹‹‹‹‹‹‹‹‹‹‹‹‹‹‹‹‹‹‹‹‹‹‹‹‹‹‹‹‹‹‹‹‹‹‹‹‹‹‹‹‹‹‹‹‹‹‹‹‹‹‹‹‹‹‹‹‹‹‹‹‹‹‹‹‹‹‹‹‹‹‹‹‹‹‹‹‹‹‹‹‹‹‹‹‹‹‹‹‹‹‹‹‹‹‹‹‹‹‹‹‹‹‹‹‹‹‹‹‹‹‹‹‹
KIAA0319L ‹‹‹‹‹‹‹‹‹‹‹‹‹‹‹‹‹‹‹‹‹‹‹‹‹‹‹‹‹‹‹‹‹‹‹‹‹‹‹‹‹‹‹‹‹‹‹‹‹‹‹‹‹‹‹‹‹‹‹‹‹‹‹‹‹‹‹‹‹‹‹‹‹‹‹‹‹‹‹‹‹‹‹‹‹‹‹‹‹‹‹‹‹‹‹‹‹‹‹‹‹‹‹‹‹‹‹‹‹‹‹‹‹‹‹‹‹‹‹‹‹‹‹‹‹‹‹‹‹‹‹‹‹‹‹‹‹‹‹‹‹‹‹‹‹‹‹‹‹‹‹‹‹‹‹‹‹‹‹‹‹‹‹‹‹‹‹‹‹‹‹‹‹‹‹‹‹‹‹‹‹‹‹‹‹‹‹‹‹‹‹‹‹‹‹‹‹‹‹‹‹‹‹‹‹‹‹‹‹‹‹‹‹‹‹‹‹‹‹‹‹‹‹‹‹‹‹‹‹‹‹‹‹‹‹‹‹‹‹‹‹‹‹‹‹‹‹‹‹‹‹‹‹‹‹‹‹‹‹‹‹‹‹‹‹‹‹‹‹‹‹‹‹‹‹‹‹‹‹‹‹‹‹‹‹‹‹‹‹‹‹‹‹‹‹‹‹‹‹‹‹‹‹‹‹‹‹‹‹‹‹‹‹‹‹‹‹‹‹‹
KIAA0319L ‹‹‹‹‹‹‹‹‹‹‹‹‹‹‹‹‹‹‹‹‹‹‹‹‹‹‹‹‹‹‹‹‹‹‹‹‹‹‹‹‹‹‹‹‹‹‹‹‹‹‹‹‹‹‹‹‹‹‹‹‹‹‹‹‹‹‹‹‹‹‹‹‹‹‹‹‹‹‹‹‹‹‹‹‹‹‹‹‹‹‹‹‹‹‹‹‹‹‹‹‹‹‹‹‹‹‹‹‹‹‹‹‹‹‹‹‹‹‹‹‹‹‹‹‹‹‹‹‹‹‹‹‹‹‹‹‹‹‹‹‹‹‹‹‹‹‹‹‹‹‹‹‹‹‹‹‹‹‹‹‹‹‹‹‹‹‹‹‹‹‹‹‹‹‹‹‹‹‹‹‹‹‹‹‹‹‹‹‹‹‹‹‹‹‹‹‹‹‹‹‹‹‹‹‹‹‹‹‹‹‹‹‹‹‹‹‹‹‹‹‹‹‹‹‹‹‹‹‹‹‹‹‹‹‹‹‹‹‹‹‹‹‹‹‹‹‹‹‹‹‹‹‹‹‹‹‹‹‹‹‹‹‹‹‹‹‹‹‹‹‹‹‹‹‹‹‹‹‹‹‹‹‹‹‹‹‹‹‹‹‹‹‹‹‹‹‹‹‹‹‹‹‹‹‹‹‹‹‹‹‹‹‹‹‹‹‹‹‹‹
KIAA0319L ‹‹‹‹‹‹‹‹‹‹‹‹‹‹‹‹‹‹‹‹‹‹‹‹‹‹‹‹‹‹‹‹‹‹‹‹‹‹‹‹‹‹‹‹‹‹‹‹‹‹‹‹‹‹‹‹‹‹‹‹‹‹‹‹‹‹‹‹‹‹‹‹‹‹‹‹‹‹‹‹‹‹‹‹‹‹‹‹‹‹‹‹‹‹‹‹‹‹‹‹‹‹‹‹‹‹‹‹‹‹‹‹‹‹‹‹‹‹‹‹‹‹‹‹‹‹‹‹‹‹‹‹‹‹‹‹‹‹‹‹‹‹‹‹‹‹‹‹‹‹‹‹‹‹‹‹‹‹‹‹‹‹‹‹‹‹‹‹‹‹‹‹‹‹‹‹‹‹‹‹‹‹‹‹‹‹‹‹‹‹‹‹‹‹‹‹‹‹‹‹‹‹‹‹‹‹‹‹‹‹‹‹‹‹‹‹‹‹‹‹‹‹‹‹‹‹‹‹‹‹‹‹‹‹‹‹‹‹‹‹‹‹‹‹‹‹‹‹‹‹‹‹‹‹‹‹‹‹‹‹‹‹‹‹‹‹‹‹‹‹‹‹‹‹‹‹‹‹‹‹‹‹‹‹‹‹‹‹‹‹‹‹‹‹‹‹‹‹‹‹‹‹‹‹‹‹‹‹‹‹‹‹‹‹‹‹‹‹‹‹
KIAA0319L ‹‹‹‹‹‹‹‹‹‹‹‹‹‹‹‹‹‹‹‹‹‹‹‹‹‹‹‹‹‹‹‹‹‹‹‹‹‹‹‹‹‹‹‹‹‹‹‹‹‹‹‹‹‹‹‹‹‹‹‹‹‹‹‹‹‹‹‹‹‹‹‹‹‹‹‹‹‹‹‹‹‹‹‹‹‹‹‹‹‹‹‹‹‹‹‹‹‹‹‹‹‹‹‹‹‹‹‹‹‹‹‹‹‹‹‹‹‹‹‹‹‹‹‹‹‹‹‹‹‹‹‹‹‹‹‹‹‹‹‹‹‹‹‹‹‹‹‹‹‹‹‹‹‹‹‹‹‹‹‹‹‹‹‹‹‹‹‹‹‹‹‹‹‹‹‹‹‹‹‹‹‹‹‹‹‹‹‹‹‹‹‹‹‹‹‹‹‹‹‹‹‹‹‹‹‹‹‹‹‹‹‹‹‹‹‹‹‹‹‹‹‹‹‹‹‹‹‹‹‹‹‹‹‹‹‹‹‹‹‹‹‹‹‹‹‹‹‹‹‹‹‹‹‹‹‹‹‹‹‹‹‹‹‹‹‹‹‹‹‹‹‹‹‹‹‹‹‹‹‹‹‹‹‹‹‹‹‹‹‹‹‹‹‹‹‹‹‹‹‹‹‹‹‹‹‹‹‹‹‹‹‹‹‹‹‹‹‹‹‹
KIAA0319L ‹‹‹‹‹‹‹‹‹‹‹‹‹‹‹‹‹‹‹‹‹‹‹‹‹‹‹‹‹‹‹‹‹‹‹‹‹‹‹‹‹‹‹‹‹‹‹‹‹‹‹‹‹‹‹‹‹‹‹‹‹‹‹‹‹‹‹‹‹‹‹‹‹‹‹‹‹‹‹‹‹‹‹‹‹‹‹‹‹‹‹‹‹‹‹‹‹‹‹‹‹‹‹‹‹‹‹‹‹‹‹‹‹‹‹‹‹‹‹‹‹‹‹‹‹‹‹‹‹‹‹‹‹‹‹‹‹‹‹‹‹‹‹‹‹‹‹‹‹‹‹‹‹‹‹‹‹‹‹‹‹‹‹‹‹‹‹‹‹‹‹‹‹‹‹‹‹‹‹‹‹‹‹‹‹‹‹‹‹‹‹‹‹‹‹‹‹‹‹‹‹‹‹‹‹‹‹‹‹‹‹‹‹‹‹‹‹‹‹‹‹‹‹‹‹‹‹‹‹‹‹‹‹‹‹‹‹‹‹‹‹‹‹‹‹‹‹‹‹‹‹‹‹‹‹‹‹‹‹‹‹‹‹‹‹‹‹‹‹‹‹‹‹‹‹‹‹‹‹‹‹‹‹‹‹‹‹‹‹‹‹‹‹‹‹‹‹‹‹‹‹‹‹‹‹‹‹‹‹‹‹‹‹‹‹‹‹‹‹‹
KIAA0319L ‹‹‹‹‹‹‹‹‹‹‹‹‹‹‹‹‹‹‹‹‹‹‹‹‹‹‹‹‹‹‹‹‹‹‹‹‹‹‹‹‹‹‹‹‹‹‹‹‹‹‹‹‹‹‹‹‹‹‹‹‹‹‹‹‹‹‹‹‹‹‹‹‹‹‹‹‹‹‹‹‹‹‹‹‹‹‹‹‹‹‹‹‹‹‹‹‹‹‹‹‹‹‹‹‹‹‹‹‹‹‹‹‹‹‹‹‹‹‹‹‹‹‹‹‹‹‹‹‹‹‹‹‹‹‹‹‹‹‹‹‹‹‹‹‹‹‹‹‹‹‹‹‹‹‹‹‹‹‹‹‹‹‹‹‹‹‹‹‹‹‹‹‹‹‹‹‹‹‹‹‹‹‹‹‹‹‹‹‹‹‹‹‹‹‹‹‹‹‹‹‹‹‹‹‹‹‹‹‹‹‹‹‹‹‹‹‹‹‹‹‹‹‹‹‹‹‹‹‹‹‹‹‹‹‹‹‹‹‹‹‹‹‹‹‹‹‹‹‹‹‹‹‹‹‹‹‹‹‹‹‹‹‹‹‹‹‹‹‹‹‹‹‹‹‹‹‹‹‹‹‹‹‹‹‹‹‹‹‹‹‹‹‹‹‹‹‹‹‹‹‹‹‹‹‹‹‹‹‹‹‹‹‹‹‹‹‹‹‹‹
KIAA0319L ‹‹‹‹‹‹‹‹‹‹‹‹‹‹‹‹‹‹‹‹‹‹‹‹‹‹‹‹‹‹‹‹‹‹‹‹‹‹‹‹‹‹‹‹‹‹‹‹‹‹‹‹‹‹‹‹‹‹‹‹‹‹‹‹‹‹‹‹‹‹‹‹‹‹‹‹‹‹‹‹‹‹‹‹‹‹‹‹‹‹‹‹‹‹‹‹‹‹‹‹‹‹‹‹‹‹‹‹‹‹‹‹‹‹‹‹‹‹‹‹‹‹‹‹‹‹‹‹‹‹‹‹‹‹‹‹‹‹‹‹‹‹‹‹‹‹‹‹‹‹‹‹‹‹‹‹‹‹‹‹‹‹‹‹‹‹‹‹‹‹‹‹‹‹‹‹‹‹‹‹‹‹‹‹‹‹‹‹‹‹‹‹‹‹‹‹‹‹‹‹‹‹‹‹‹‹‹‹‹‹‹‹‹‹‹‹‹‹‹‹‹‹‹‹‹‹‹‹‹‹‹‹‹‹‹‹‹‹‹‹‹‹‹‹‹‹‹‹‹‹‹‹‹‹‹‹‹‹‹‹‹‹‹‹‹‹‹‹‹‹‹‹‹‹‹‹‹‹‹‹‹‹‹‹‹‹‹‹‹‹‹‹‹‹‹‹‹‹‹‹‹‹‹‹‹‹‹‹‹‹‹‹‹‹‹‹‹‹‹‹
KIAA0319L ‹‹‹‹‹‹‹‹‹‹‹‹‹‹‹‹‹‹‹‹‹‹‹‹‹‹‹‹‹‹‹‹‹‹‹‹‹‹‹‹‹‹‹‹‹‹‹‹‹‹‹‹‹‹‹‹‹‹‹‹‹‹‹‹‹‹‹‹‹‹‹‹‹‹‹‹‹‹‹‹‹‹‹‹‹‹‹‹‹‹‹‹‹‹‹‹‹‹‹‹‹‹‹‹‹‹‹‹‹‹‹‹‹‹‹‹‹‹‹‹‹‹‹‹‹‹‹‹‹‹‹‹‹‹‹‹‹‹‹‹‹‹‹‹‹‹‹‹‹‹‹‹‹‹‹‹‹‹‹‹‹‹‹‹‹‹‹‹‹‹‹‹‹‹‹‹‹‹‹‹‹‹‹‹‹‹‹‹‹‹‹‹‹‹‹‹‹‹‹‹‹‹‹‹‹‹‹‹‹‹‹‹‹‹‹‹‹‹‹‹‹‹‹‹‹‹‹‹‹‹‹‹‹‹‹‹‹‹‹‹‹‹‹‹‹‹‹‹‹‹‹‹‹‹‹‹‹‹‹‹‹‹‹‹‹‹‹‹‹‹‹‹‹‹‹‹‹‹‹‹‹‹‹‹‹‹‹‹‹‹‹‹‹‹‹‹‹‹‹‹‹‹‹‹‹‹‹‹‹‹‹‹‹‹‹‹‹‹‹‹
KIAA0319L ‹‹‹‹‹‹‹‹‹‹‹‹‹‹‹‹‹‹‹‹‹‹‹‹‹‹‹‹‹‹‹‹‹‹‹‹‹‹‹‹‹‹‹‹‹‹‹‹‹‹‹‹‹‹‹‹‹‹‹‹‹‹‹‹‹‹‹‹‹‹‹‹‹‹‹‹‹‹‹‹‹‹‹‹‹‹‹‹‹‹‹‹‹‹‹‹‹‹‹‹‹‹‹‹‹‹‹‹‹‹‹‹‹‹‹‹‹‹‹‹‹‹‹‹‹‹‹‹‹‹‹‹‹‹‹‹‹‹‹‹‹‹‹‹‹‹‹‹‹‹‹‹‹‹‹‹‹‹‹‹‹‹‹‹‹‹‹‹‹‹‹‹‹‹‹‹‹‹‹‹‹‹‹‹‹‹‹‹‹‹‹‹‹‹‹‹‹‹‹‹‹‹‹‹‹‹‹‹‹‹‹‹‹‹‹‹‹‹‹‹‹‹‹‹‹‹‹‹‹‹‹‹‹‹‹‹‹‹‹‹‹‹‹‹‹‹‹‹‹‹‹‹‹‹‹‹‹‹‹‹‹‹‹‹‹‹‹‹‹‹‹‹‹‹‹‹‹‹‹‹‹‹‹‹‹‹‹‹‹‹‹‹‹‹‹‹‹‹‹‹‹‹‹‹‹‹‹‹‹‹‹‹‹‹‹‹‹‹‹‹
KIAA0319L ‹‹‹‹‹‹‹‹‹‹‹‹‹‹‹‹‹‹‹‹‹‹‹‹‹‹‹‹‹‹‹‹‹‹‹‹‹‹‹‹‹‹‹‹‹‹‹‹‹‹‹‹‹‹‹‹‹‹‹‹‹‹‹‹‹‹‹‹‹‹‹‹‹‹‹‹‹‹‹‹‹‹‹‹‹‹‹‹‹‹‹‹‹‹‹‹‹‹‹‹‹‹‹‹‹‹‹‹‹‹‹‹‹‹‹‹‹‹‹‹‹‹‹‹‹‹‹‹‹‹‹‹‹‹‹‹‹‹‹‹‹‹‹‹‹‹‹‹‹‹‹‹‹‹‹‹‹‹‹‹‹‹‹‹‹‹‹‹‹‹‹‹‹‹‹‹‹‹‹‹‹‹‹‹‹‹‹‹‹‹‹‹‹‹‹‹‹‹‹‹‹‹‹‹‹‹‹‹‹‹‹‹‹‹‹‹‹‹‹‹‹‹‹‹‹‹‹‹‹‹‹‹‹‹‹‹‹‹‹‹‹‹‹‹‹‹‹‹‹‹‹‹‹‹‹‹‹‹‹‹‹‹‹‹‹‹‹‹‹‹‹‹‹‹‹‹‹‹‹‹‹‹‹‹‹‹‹‹‹‹‹‹‹‹‹‹‹‹‹‹‹‹‹‹‹‹‹‹‹‹‹‹‹‹‹‹‹‹‹‹
KIAA0319L ‹‹‹‹‹‹‹‹‹‹‹‹‹‹‹‹‹‹‹‹‹‹‹‹‹‹‹‹‹‹‹‹‹‹‹‹‹‹‹‹‹‹‹‹‹‹‹‹‹‹‹‹‹‹‹‹‹‹‹‹‹‹‹‹‹‹‹‹‹‹‹‹‹‹‹‹‹‹‹‹‹‹‹‹‹‹‹‹‹‹‹‹‹‹‹‹‹‹‹‹‹‹‹‹‹‹‹‹‹‹‹‹‹‹‹‹‹‹‹‹‹‹‹‹‹‹‹‹‹‹‹‹‹‹‹‹‹‹‹‹‹‹‹‹‹‹‹‹‹‹‹‹‹‹‹‹‹‹‹‹‹‹‹‹‹‹‹‹‹‹‹‹‹‹‹‹‹‹‹‹‹‹‹‹‹‹‹‹‹‹‹‹‹‹‹‹‹‹‹‹‹‹‹‹‹‹‹‹‹‹‹‹‹‹‹‹‹‹‹‹‹‹‹‹‹‹‹‹‹‹‹‹‹‹‹‹‹‹‹‹‹‹‹‹‹‹‹‹‹‹‹‹‹‹‹‹‹‹‹‹‹‹‹‹‹‹‹‹‹‹‹‹‹‹‹‹‹‹‹‹‹‹‹‹‹‹‹‹‹‹‹‹‹‹‹‹‹‹‹‹‹‹‹‹‹‹‹‹‹‹‹‹‹‹‹‹‹‹‹‹
KIAA0319L ‹‹‹‹‹‹‹‹‹‹‹‹‹‹‹‹‹‹‹‹‹‹‹‹‹‹‹‹‹‹‹‹‹‹‹‹‹‹‹‹‹‹‹‹‹‹‹‹‹‹‹‹‹‹‹‹‹‹‹‹‹‹‹‹‹‹‹‹‹‹‹‹‹‹‹‹‹‹‹‹‹‹‹‹‹‹‹‹‹‹‹‹‹‹‹‹‹‹‹‹‹‹‹‹‹‹‹‹‹‹‹‹‹‹‹‹‹‹‹‹‹‹‹‹‹‹‹‹‹‹‹‹‹‹‹‹‹‹‹‹‹‹‹‹‹‹‹‹‹‹‹‹‹‹‹‹‹‹‹‹‹‹‹‹‹‹‹‹‹‹‹‹‹‹‹‹‹‹‹‹‹‹‹‹‹‹‹‹‹‹‹‹‹‹‹‹‹‹‹‹‹‹‹‹‹‹‹‹‹‹‹‹‹‹‹‹‹‹‹‹‹‹‹‹‹‹‹‹‹‹‹‹‹‹‹‹‹‹‹‹‹‹‹‹‹‹‹‹‹‹‹‹‹‹‹‹‹‹‹‹‹‹‹‹‹‹‹‹‹‹‹‹‹‹‹‹‹‹‹‹‹‹‹‹‹‹‹‹‹‹‹‹‹‹‹‹‹‹‹‹‹‹‹‹‹‹‹‹‹‹‹‹‹‹‹‹‹‹‹‹
RefSeq genes from NCBI
RefSeq Curated
Publications: Sequences in Scientific Articles
Sequences
SNPs
OMIM Gene Phenotypes - Dark Green Can Be Disease-causing
OMIM Genes
Short Genetic Variants from dbSNP release 155
Common dbSNP(155)
Gene Expression in 54 tissues from GTEx RNA-seq of 17382 samples, 948 donors (V8, Aug 2019)
KIAA0319L
H3K27Ac Mark (Often Found Near Active Regulatory Elements) on 7 cell lines from ENCODE
Layered H3K27Ac
100 vertebrates Basewise Conservation by PhyloP
4.88 _
100 Vert. Cons
-4.5 _
Multiz Alignments of 100 Vertebrates
Gaps
Human	C	A	G	T	A	G	T	T	A	C	C
Rhesus	C	A	A	T	A	G	T	T	A	C	C
Mouse	C	A	C	C	A	-	T	C	A	C	C
Dog	=	=	=	=	=	=	=	=	=	=	=
Elephant	T	C	C	T	G	G	C	T	A	C	C
Chicken	=	=	=	=	=	=	=	=	=	=	=
X_tropicalis	=	=	=	=	=	=	=	=	=	=	=
Zebrafish
Repeating Elements by RepeatMasker
RepeatMasker
